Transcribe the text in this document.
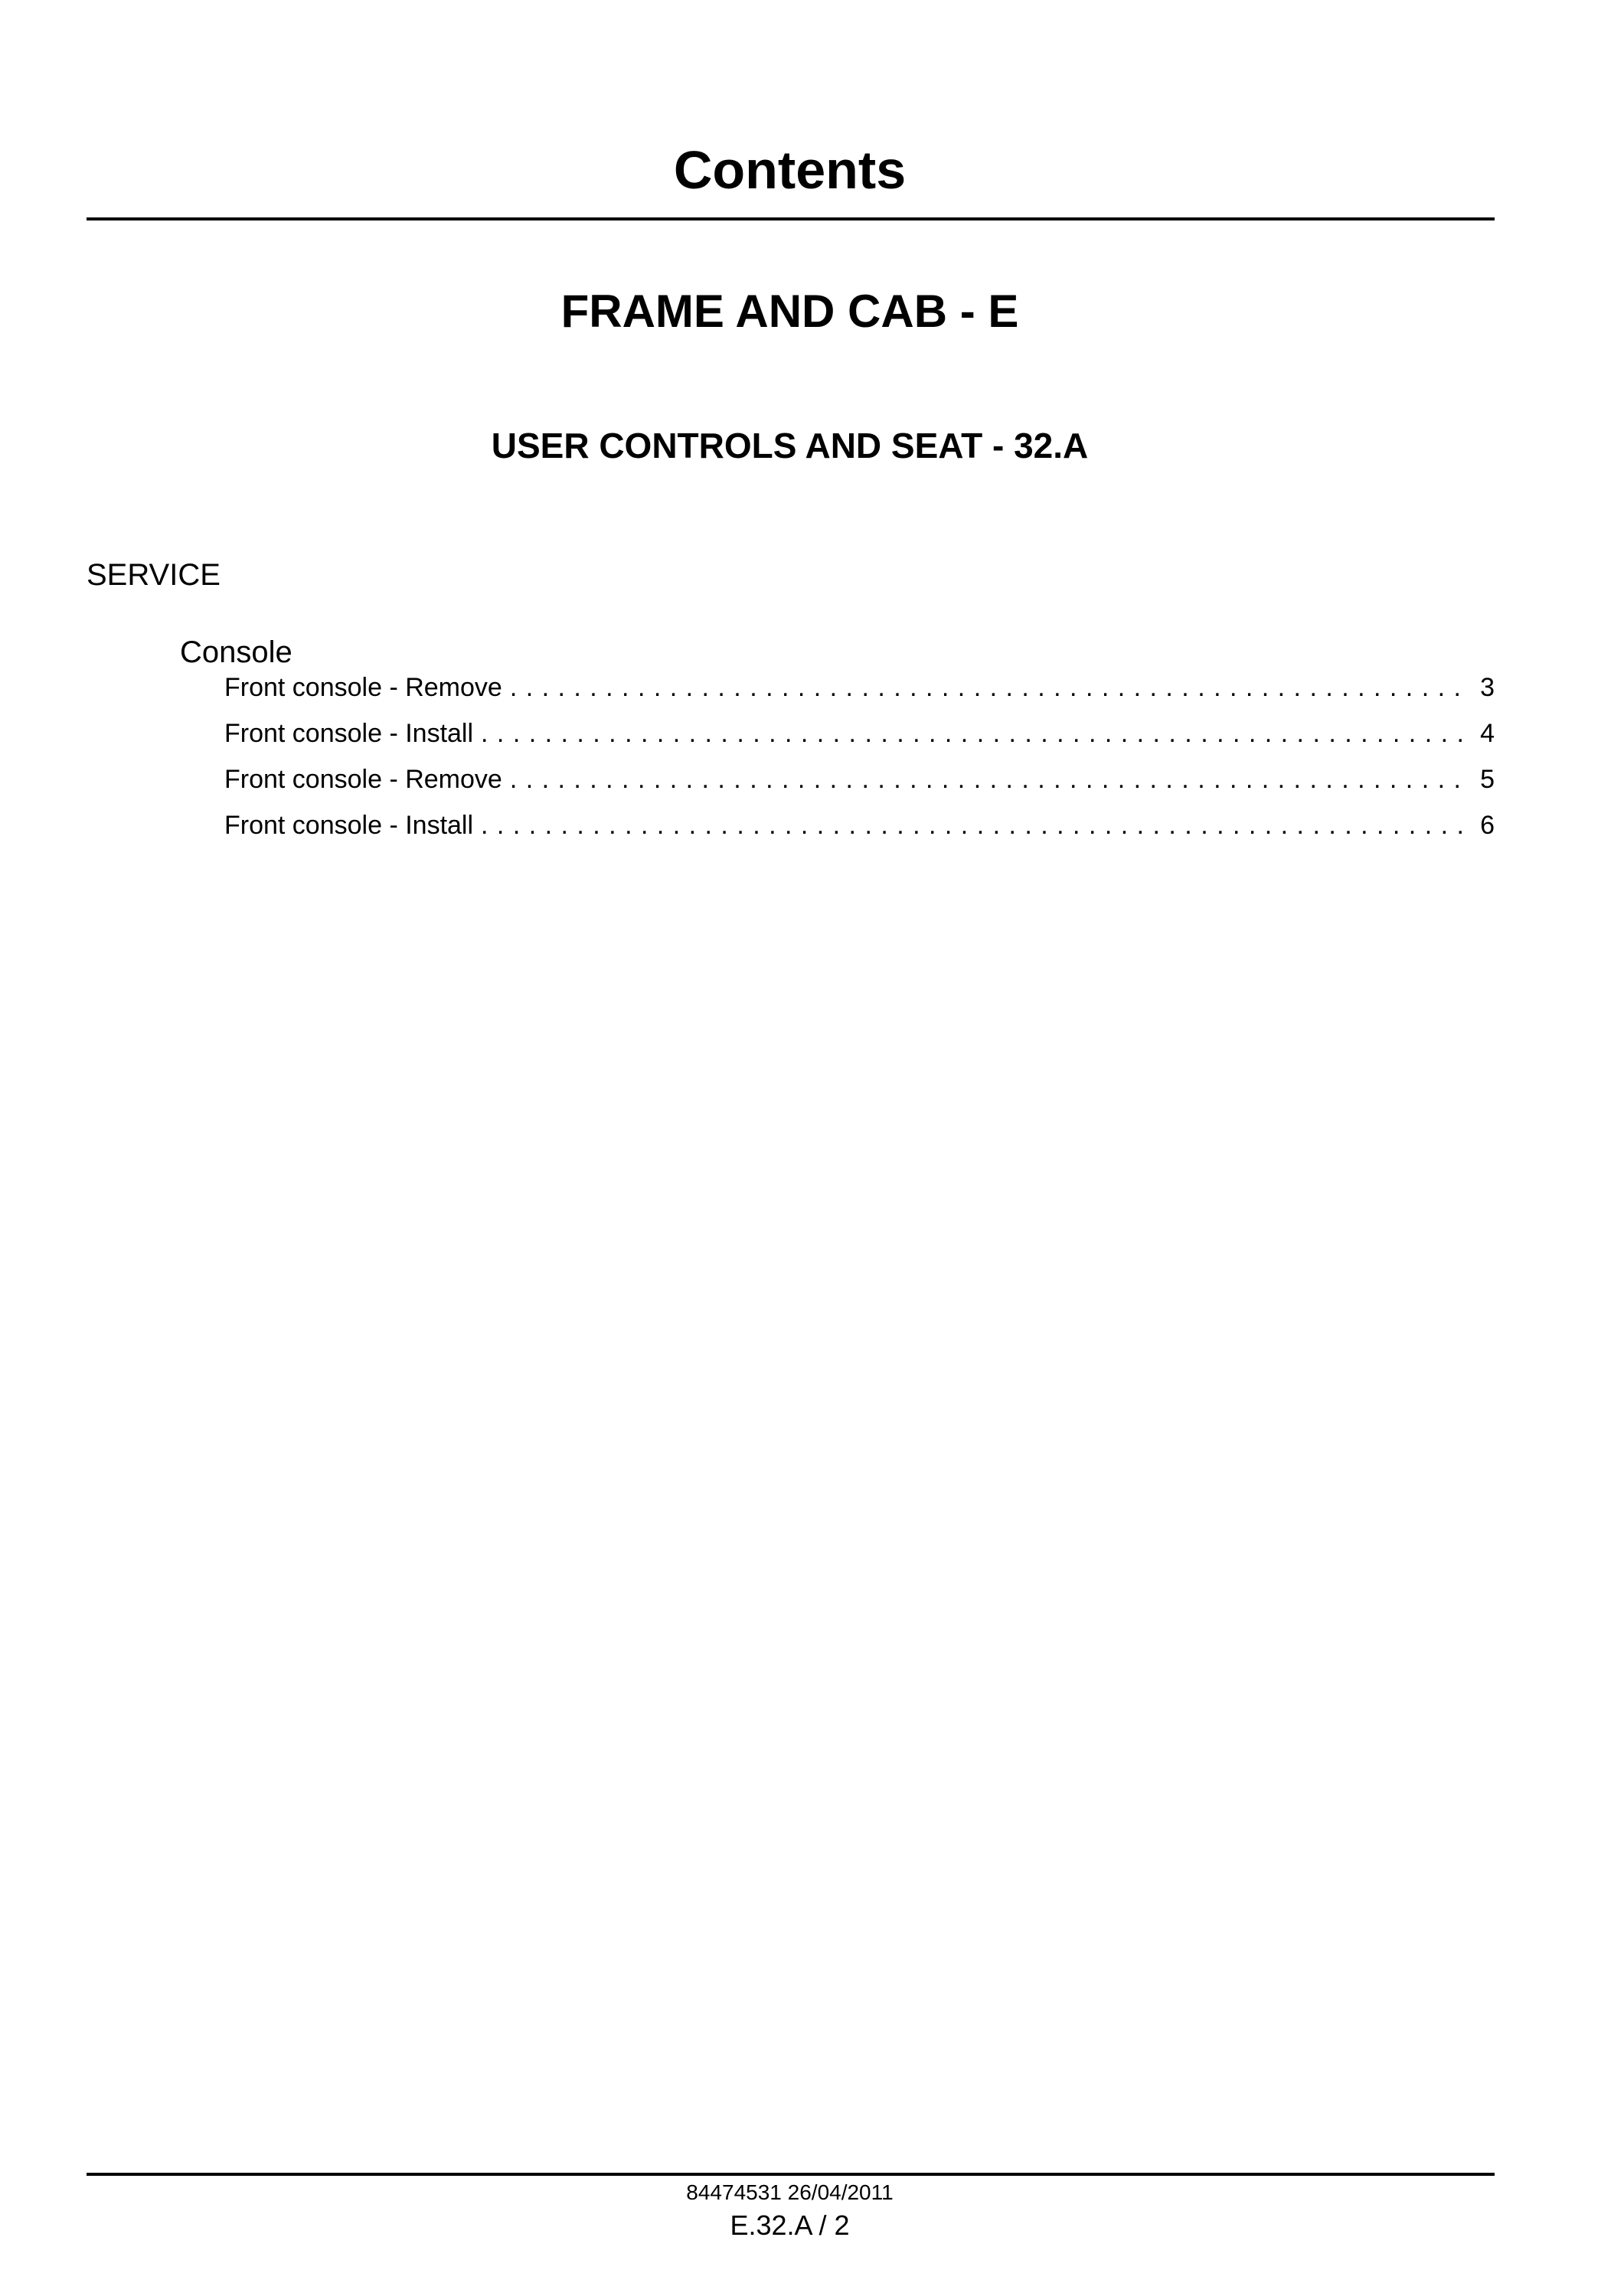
Contents
FRAME AND CAB - E
USER CONTROLS AND SEAT - 32.A
SERVICE
Console
Front console - Remove . . .	3
Front console - Install . . .	4
Front console - Remove . . .	5
Front console - Install . . .	6
84474531 26/04/2011
E.32.A / 2
